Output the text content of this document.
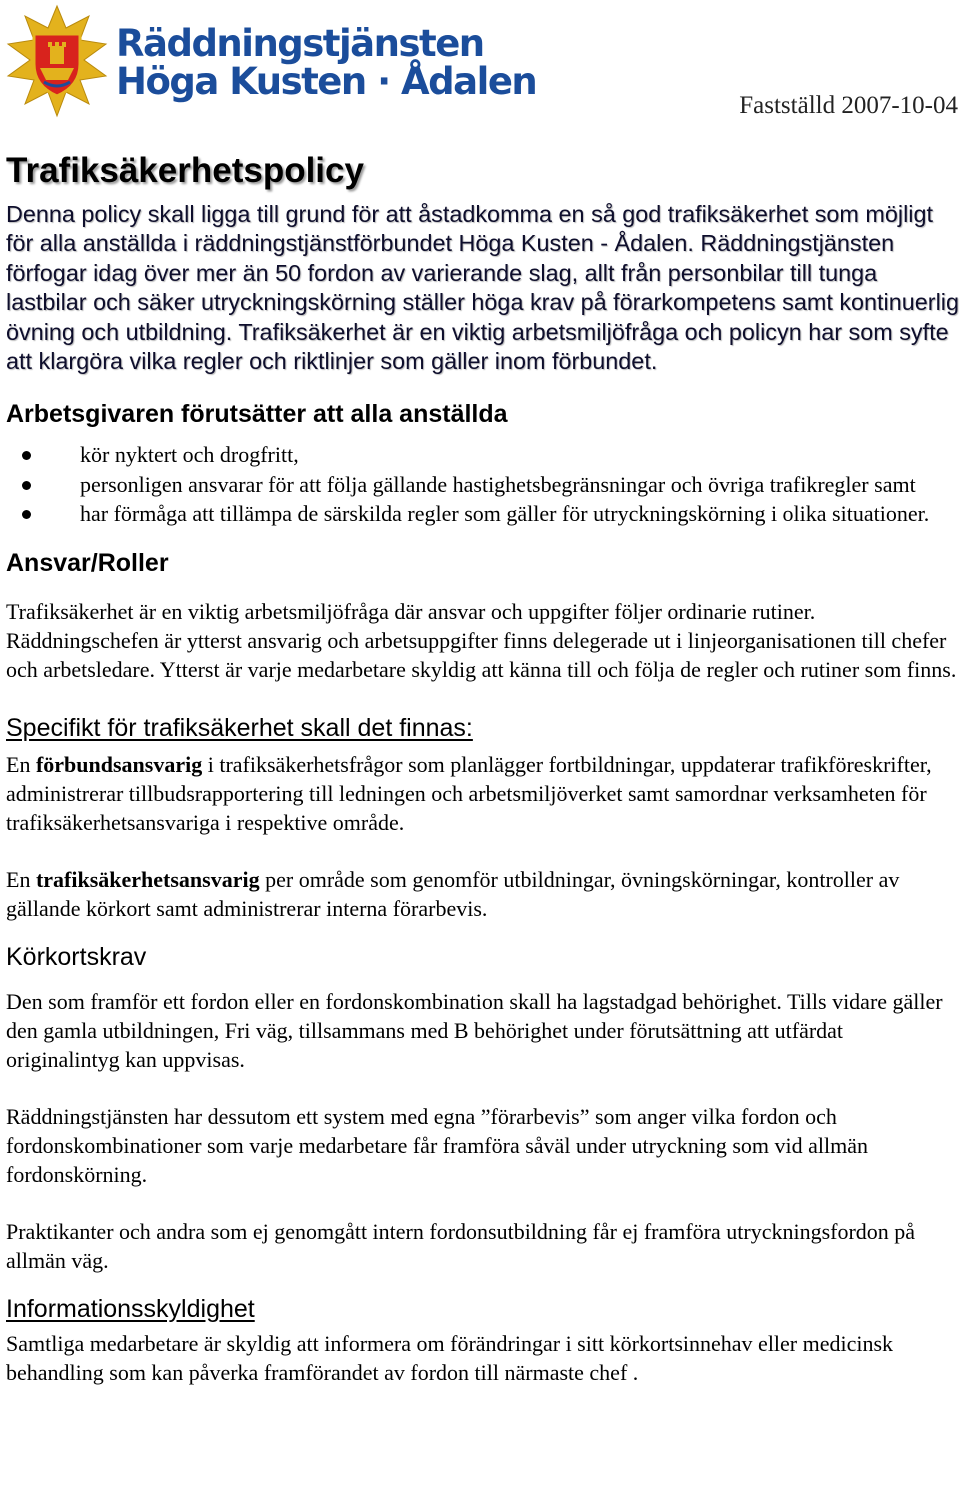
Räddningstjänsten
Höga Kusten · Ådalen
Fastställd 2007-10-04
Trafiksäkerhetspolicy

Denna policy skall ligga till grund för att åstadkomma en så god trafiksäkerhet som möjligt för alla anställda i räddningstjänstförbundet Höga Kusten - Ådalen. Räddningstjänsten förfogar idag över mer än 50 fordon av varierande slag, allt från personbilar till tunga lastbilar och säker utryckningskörning ställer höga krav på förarkompetens samt kontinuerlig övning och utbildning. Trafiksäkerhet är en viktig arbetsmiljöfråga och policyn har som syfte att klargöra vilka regler och riktlinjer som gäller inom förbundet.

Arbetsgivaren förutsätter att alla anställda
kör nyktert och drogfritt,
personligen ansvarar för att följa gällande hastighetsbegränsningar och övriga trafikregler samt
har förmåga att tillämpa de särskilda regler som gäller för utryckningskörning i olika situationer.
Ansvar/Roller

Trafiksäkerhet är en viktig arbetsmiljöfråga där ansvar och uppgifter följer ordinarie rutiner. Räddningschefen är ytterst ansvarig och arbetsuppgifter finns delegerade ut i linjeorganisationen till chefer och arbetsledare. Ytterst är varje medarbetare skyldig att känna till och följa de regler och rutiner som finns.

Specifikt för trafiksäkerhet skall det finnas:

En förbundsansvarig i trafiksäkerhetsfrågor som planlägger fortbildningar, uppdaterar trafikföreskrifter, administrerar tillbudsrapportering till ledningen och arbetsmiljöverket samt samordnar verksamheten för trafiksäkerhetsansvariga i respektive område.

En trafiksäkerhetsansvarig per område som genomför utbildningar, övningskörningar, kontroller av gällande körkort samt administrerar interna förarbevis.

Körkortskrav

Den som framför ett fordon eller en fordonskombination skall ha lagstadgad behörighet. Tills vidare gäller den gamla utbildningen, Fri väg, tillsammans med B behörighet under förutsättning att utfärdat originalintyg kan uppvisas.

Räddningstjänsten har dessutom ett system med egna ”förarbevis” som anger vilka fordon och fordonskombinationer som varje medarbetare får framföra såväl under utryckning som vid allmän fordonskörning.

Praktikanter och andra som ej genomgått intern fordonsutbildning får ej framföra utryckningsfordon på allmän väg.

Informationsskyldighet

Samtliga medarbetare är skyldig att informera om förändringar i sitt körkortsinnehav eller medicinsk behandling som kan påverka framförandet av fordon till närmaste chef .
